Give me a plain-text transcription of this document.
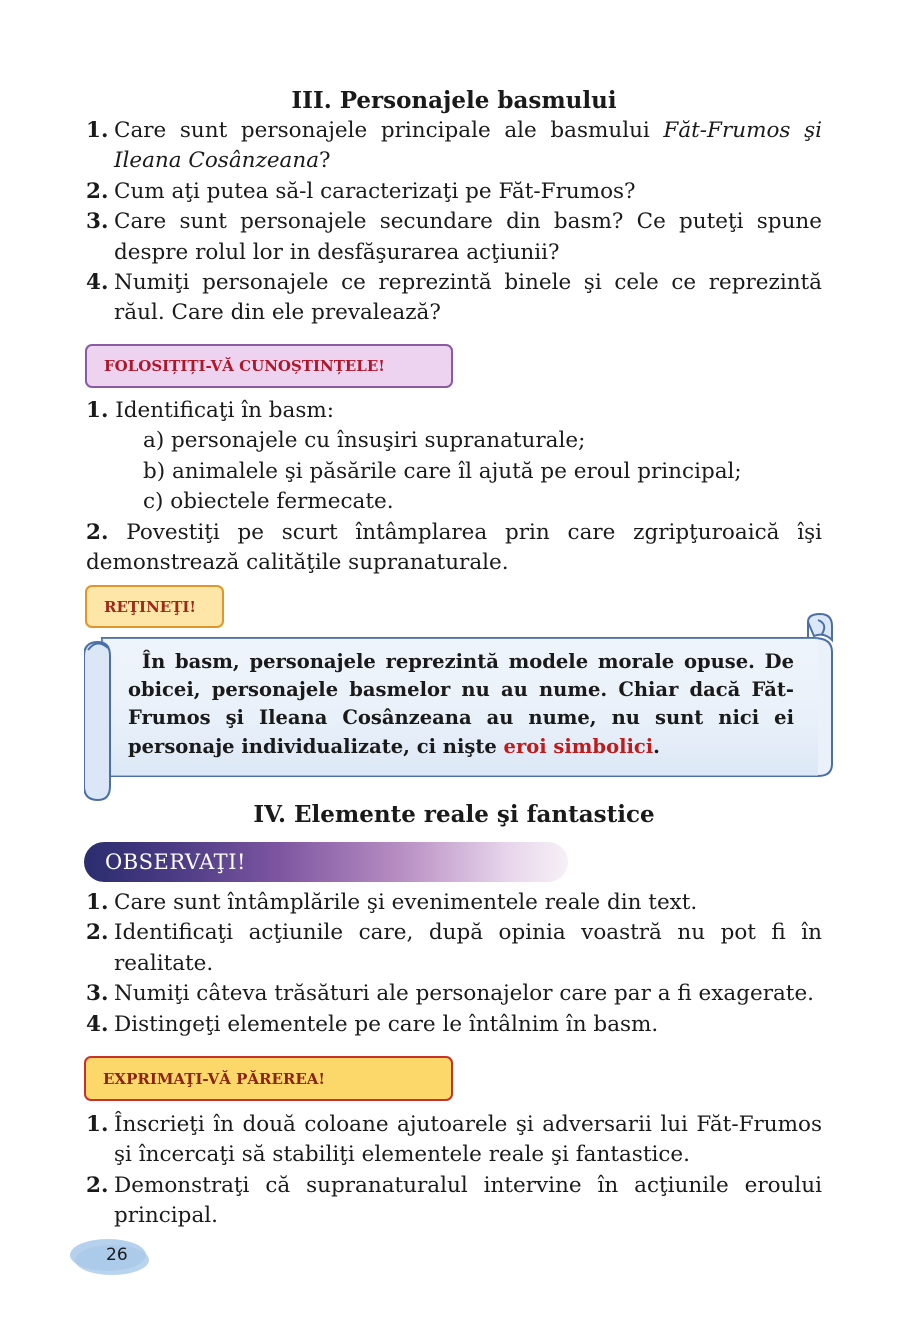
III. Personajele basmului
1. Care sunt personajele principale ale basmului Făt-Frumos şi Ileana Cosânzeana?
2. Cum aţi putea să-l caracterizaţi pe Făt-Frumos?
3. Care sunt personajele secundare din basm? Ce puteţi spune despre rolul lor in desfăşurarea acţiunii?
4. Numiţi personajele ce reprezintă binele şi cele ce reprezintă răul. Care din ele prevalează?
FOLOSIȚIȚI-VĂ CUNOȘTINȚELE!

1. Identificaţi în basm:

a) personajele cu însuşiri supranaturale;

b) animalele şi păsările care îl ajută pe eroul principal;

c) obiectele fermecate.

2. Povestiţi pe scurt întâmplarea prin care zgripţuroaică îşi demonstrează calităţile supranaturale.

REŢINEŢI!

În basm, personajele reprezintă modele morale opuse. De obicei, personajele basmelor nu au nume. Chiar dacă Făt-Frumos şi Ileana Cosânzeana au nume, nu sunt nici ei personaje individualizate, ci nişte eroi simbolici.

IV. Elemente reale şi fantastice
OBSERVAŢI!
1. Care sunt întâmplările şi evenimentele reale din text.
2. Identificaţi acţiunile care, după opinia voastră nu pot fi în realitate.
3. Numiţi câteva trăsături ale personajelor care par a fi exagerate.
4. Distingeţi elementele pe care le întâlnim în basm.
EXPRIMAŢI-VĂ PĂREREA!
1. Înscrieţi în două coloane ajutoarele şi adversarii lui Făt-Frumos şi încercaţi să stabiliţi elementele reale şi fantastice.
2. Demonstraţi că supranaturalul intervine în acţiunile eroului principal.
26
